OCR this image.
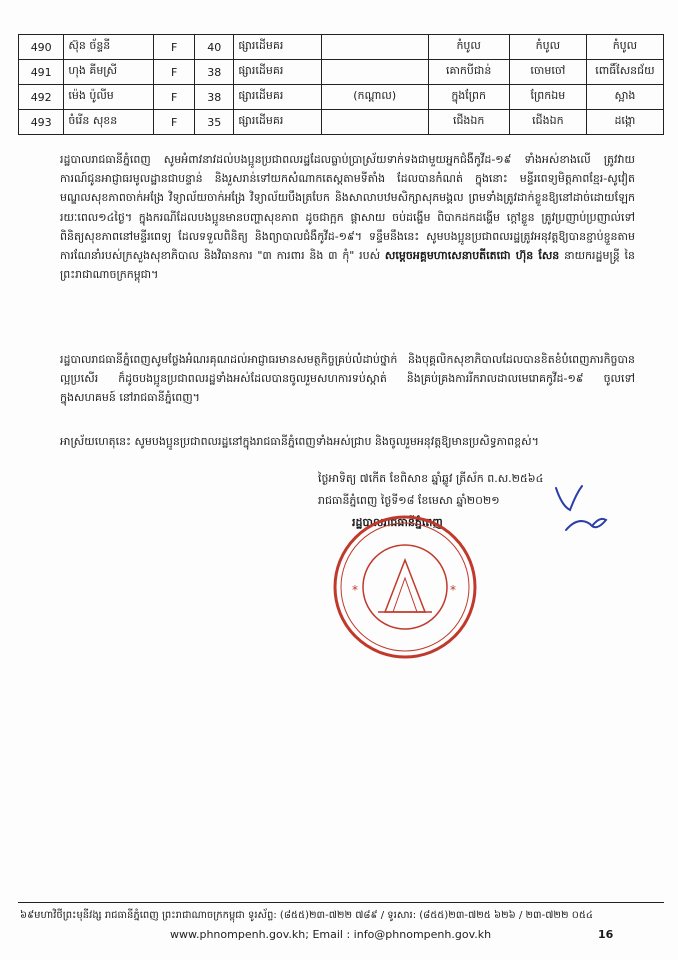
490	ស៊ុន ច័ន្ទនី	F	40	ផ្សារដើមគរ		កំបូល	កំបូល	កំបូល
491	ហុង គីមស្រី	F	38	ផ្សារដើមគរ		គោកបីជាន់	ចោមចៅ	ពោធិ៍សែនជ័យ
492	ម៉េង ប៉ូលីម	F	38	ផ្សារដើមគរ	(កណ្តាល)	ក្នុងព្រែក	ព្រែកឯម	ស្អាង
493	ចំរើន សុខន	F	35	ផ្សារដើមគរ		ជើងឯក	ជើងឯក	ដង្កោ
រដ្ឋបាលរាជធានីភ្នំពេញ សូមអំពាវនាវដល់បងប្អូនប្រជាពលរដ្ឋដែលធ្លាប់ប្រាស្រ័យទាក់ទងជាមួយអ្នកជំងឺកូវីដ-១៩ ទាំងអស់ខាងលើ ត្រូវវាយការណ៍ជូនអាជ្ញាធរមូលដ្ឋានជាបន្ទាន់ និងរួសរាន់ទៅយកសំណាកតេស្តតាមទីតាំង ដែលបានកំណត់ ក្នុងនោះ មន្ទីរពេទ្យមិត្តភាពខ្មែរ-សូវៀត មណ្ឌលសុខភាពចាក់អង្រែ វិទ្យាល័យចាក់អង្រែ វិទ្យាល័យបឹងត្របែក និងសាលាបឋមសិក្សាសុភមង្គល ព្រមទាំងត្រូវដាក់ខ្លួនឱ្យនៅដាច់ដោយឡែក រយៈពេល១៤ថ្ងៃ។ ក្នុងករណីដែលបងប្អូនមានបញ្ហាសុខភាព ដូចជាក្អក ផ្តាសាយ ចប់ដង្ហើម ពិបាកដកដង្ហើម ក្តៅខ្លួន ត្រូវប្រញាប់ប្រញាល់ទៅពិនិត្យសុខភាពនៅមន្ទីរពេទ្យ ដែលទទួលពិនិត្យ និងព្យាបាលជំងឺកូវីដ-១៩។ ទន្ទឹមនឹងនេះ សូមបងប្អូនប្រជាពលរដ្ឋត្រូវអនុវត្តឱ្យបានខ្ជាប់ខ្ជួនតាមការណែនាំរបស់ក្រសួងសុខាភិបាល និងវិធានការ "៣ ការពារ និង ៣ កុំ" របស់ សម្តេចអគ្គមហាសេនាបតីតេជោ ហ៊ុន សែន នាយករដ្ឋមន្ត្រី នៃព្រះរាជាណាចក្រកម្ពុជា។
រដ្ឋបាលរាជធានីភ្នំពេញសូមថ្លែងអំណរគុណដល់អាជ្ញាធរមានសមត្ថកិច្ចគ្រប់លំដាប់ថ្នាក់ និងបុគ្គលិកសុខាភិបាលដែលបានខិតខំបំពេញភារកិច្ចបានល្អប្រសើរ ក៏ដូចបងប្អូនប្រជាពលរដ្ឋទាំងអស់ដែលបានចូលរួមសហការទប់ស្កាត់ និងគ្រប់គ្រងការរីករាលដាលមេរោគកូវីដ-១៩ ចូលទៅក្នុងសហគមន៍ នៅរាជធានីភ្នំពេញ។
អាស្រ័យហេតុនេះ សូមបងប្អូនប្រជាពលរដ្ឋនៅក្នុងរាជធានីភ្នំពេញទាំងអស់ជ្រាប និងចូលរួមអនុវត្តឱ្យមានប្រសិទ្ធភាពខ្ពស់។
ថ្ងៃអាទិត្យ ៧កើត ខែពិសាខ ឆ្នាំឆ្លូវ ត្រីស័ក ព.ស.២៥៦៤
រាជធានីភ្នំពេញ ថ្ងៃទី១៨ ខែមេសា ឆ្នាំ២០២១
រដ្ឋបាលរាជធានីភ្នំពេញ
*	*
៦៩មហាវិថីព្រះមុនីវង្ស រាជធានីភ្នំពេញ ព្រះរាជាណាចក្រកម្ពុជា ទូរស័ព្ទ: (៨៥៥)២៣-៧២២ ៧៨៩ / ទូរសារ: (៨៥៥)២៣-៧២៥ ៦២៦ / ២៣-៧២២ ០៥៤
www.phnompenh.gov.kh; Email : info@phnompenh.gov.kh	16
